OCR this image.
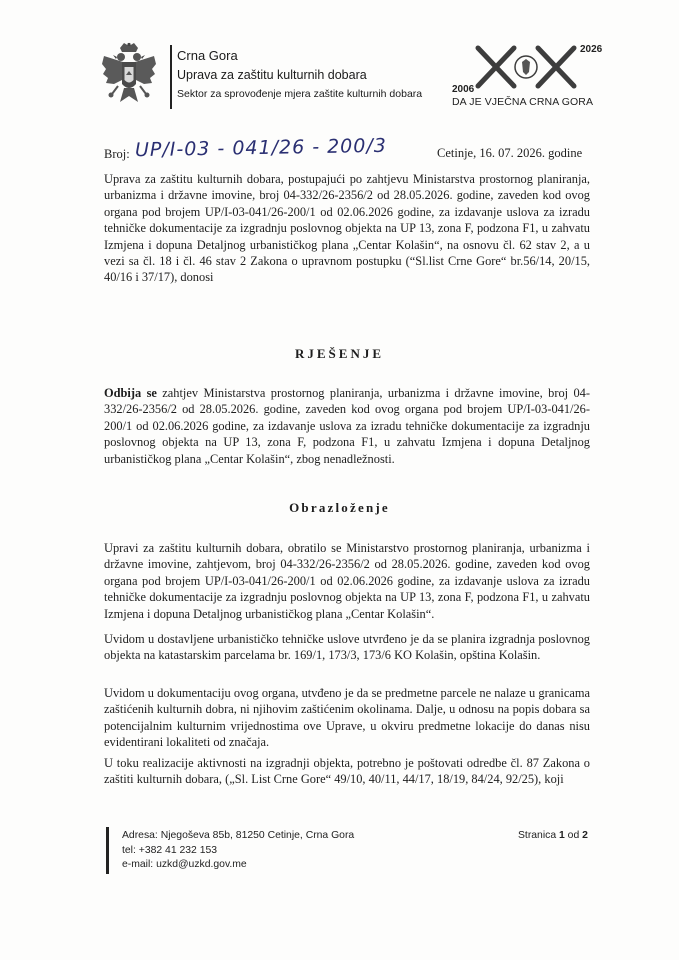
Crna Gora
Uprava za zaštitu kulturnih dobara
Sektor za sprovođenje mjera zaštite kulturnih dobara
2026
2006
DA JE VJEČNA CRNA GORA
Broj: UP/I-03 - 041/26 - 200/3	Cetinje, 16. 07. 2026. godine
Uprava za zaštitu kulturnih dobara, postupajući po zahtjevu Ministarstva prostornog planiranja, urbanizma i državne imovine, broj 04-332/26-2356/2 od 28.05.2026. godine, zaveden kod ovog organa pod brojem UP/I-03-041/26-200/1 od 02.06.2026 godine, za izdavanje uslova za izradu tehničke dokumentacije za izgradnju poslovnog objekta na UP 13, zona F, podzona F1, u zahvatu Izmjena i dopuna Detaljnog urbanističkog plana „Centar Kolašin“, na osnovu čl. 62 stav 2, a u vezi sa čl. 18 i čl. 46 stav 2 Zakona o upravnom postupku (“Sl.list Crne Gore“ br.56/14, 20/15, 40/16 i 37/17), donosi
RJEŠENJE
Odbija se zahtjev Ministarstva prostornog planiranja, urbanizma i državne imovine, broj 04-332/26-2356/2 od 28.05.2026. godine, zaveden kod ovog organa pod brojem UP/I-03-041/26-200/1 od 02.06.2026 godine, za izdavanje uslova za izradu tehničke dokumentacije za izgradnju poslovnog objekta na UP 13, zona F, podzona F1, u zahvatu Izmjena i dopuna Detaljnog urbanističkog plana „Centar Kolašin“, zbog nenadležnosti.
Obrazloženje
Upravi za zaštitu kulturnih dobara, obratilo se Ministarstvo prostornog planiranja, urbanizma i državne imovine, zahtjevom, broj 04-332/26-2356/2 od 28.05.2026. godine, zaveden kod ovog organa pod brojem UP/I-03-041/26-200/1 od 02.06.2026 godine, za izdavanje uslova za izradu tehničke dokumentacije za izgradnju poslovnog objekta na UP 13, zona F, podzona F1, u zahvatu Izmjena i dopuna Detaljnog urbanističkog plana „Centar Kolašin“.
Uvidom u dostavljene urbanističko tehničke uslove utvrđeno je da se planira izgradnja poslovnog objekta na katastarskim parcelama br. 169/1, 173/3, 173/6 KO Kolašin, opština Kolašin.
Uvidom u dokumentaciju ovog organa, utvđeno je da se predmetne parcele ne nalaze u granicama zaštićenih kulturnih dobra, ni njihovim zaštićenim okolinama. Dalje, u odnosu na popis dobara sa potencijalnim kulturnim vrijednostima ove Uprave, u okviru predmetne lokacije do danas nisu evidentirani lokaliteti od značaja.
U toku realizacije aktivnosti na izgradnji objekta, potrebno je poštovati odredbe čl. 87 Zakona o zaštiti kulturnih dobara, („Sl. List Crne Gore“ 49/10, 40/11, 44/17, 18/19, 84/24, 92/25), koji
Adresa: Njegoševa 85b, 81250 Cetinje, Crna Gora
tel: +382 41 232 153
e-mail: uzkd@uzkd.gov.me
Stranica 1 od 2
